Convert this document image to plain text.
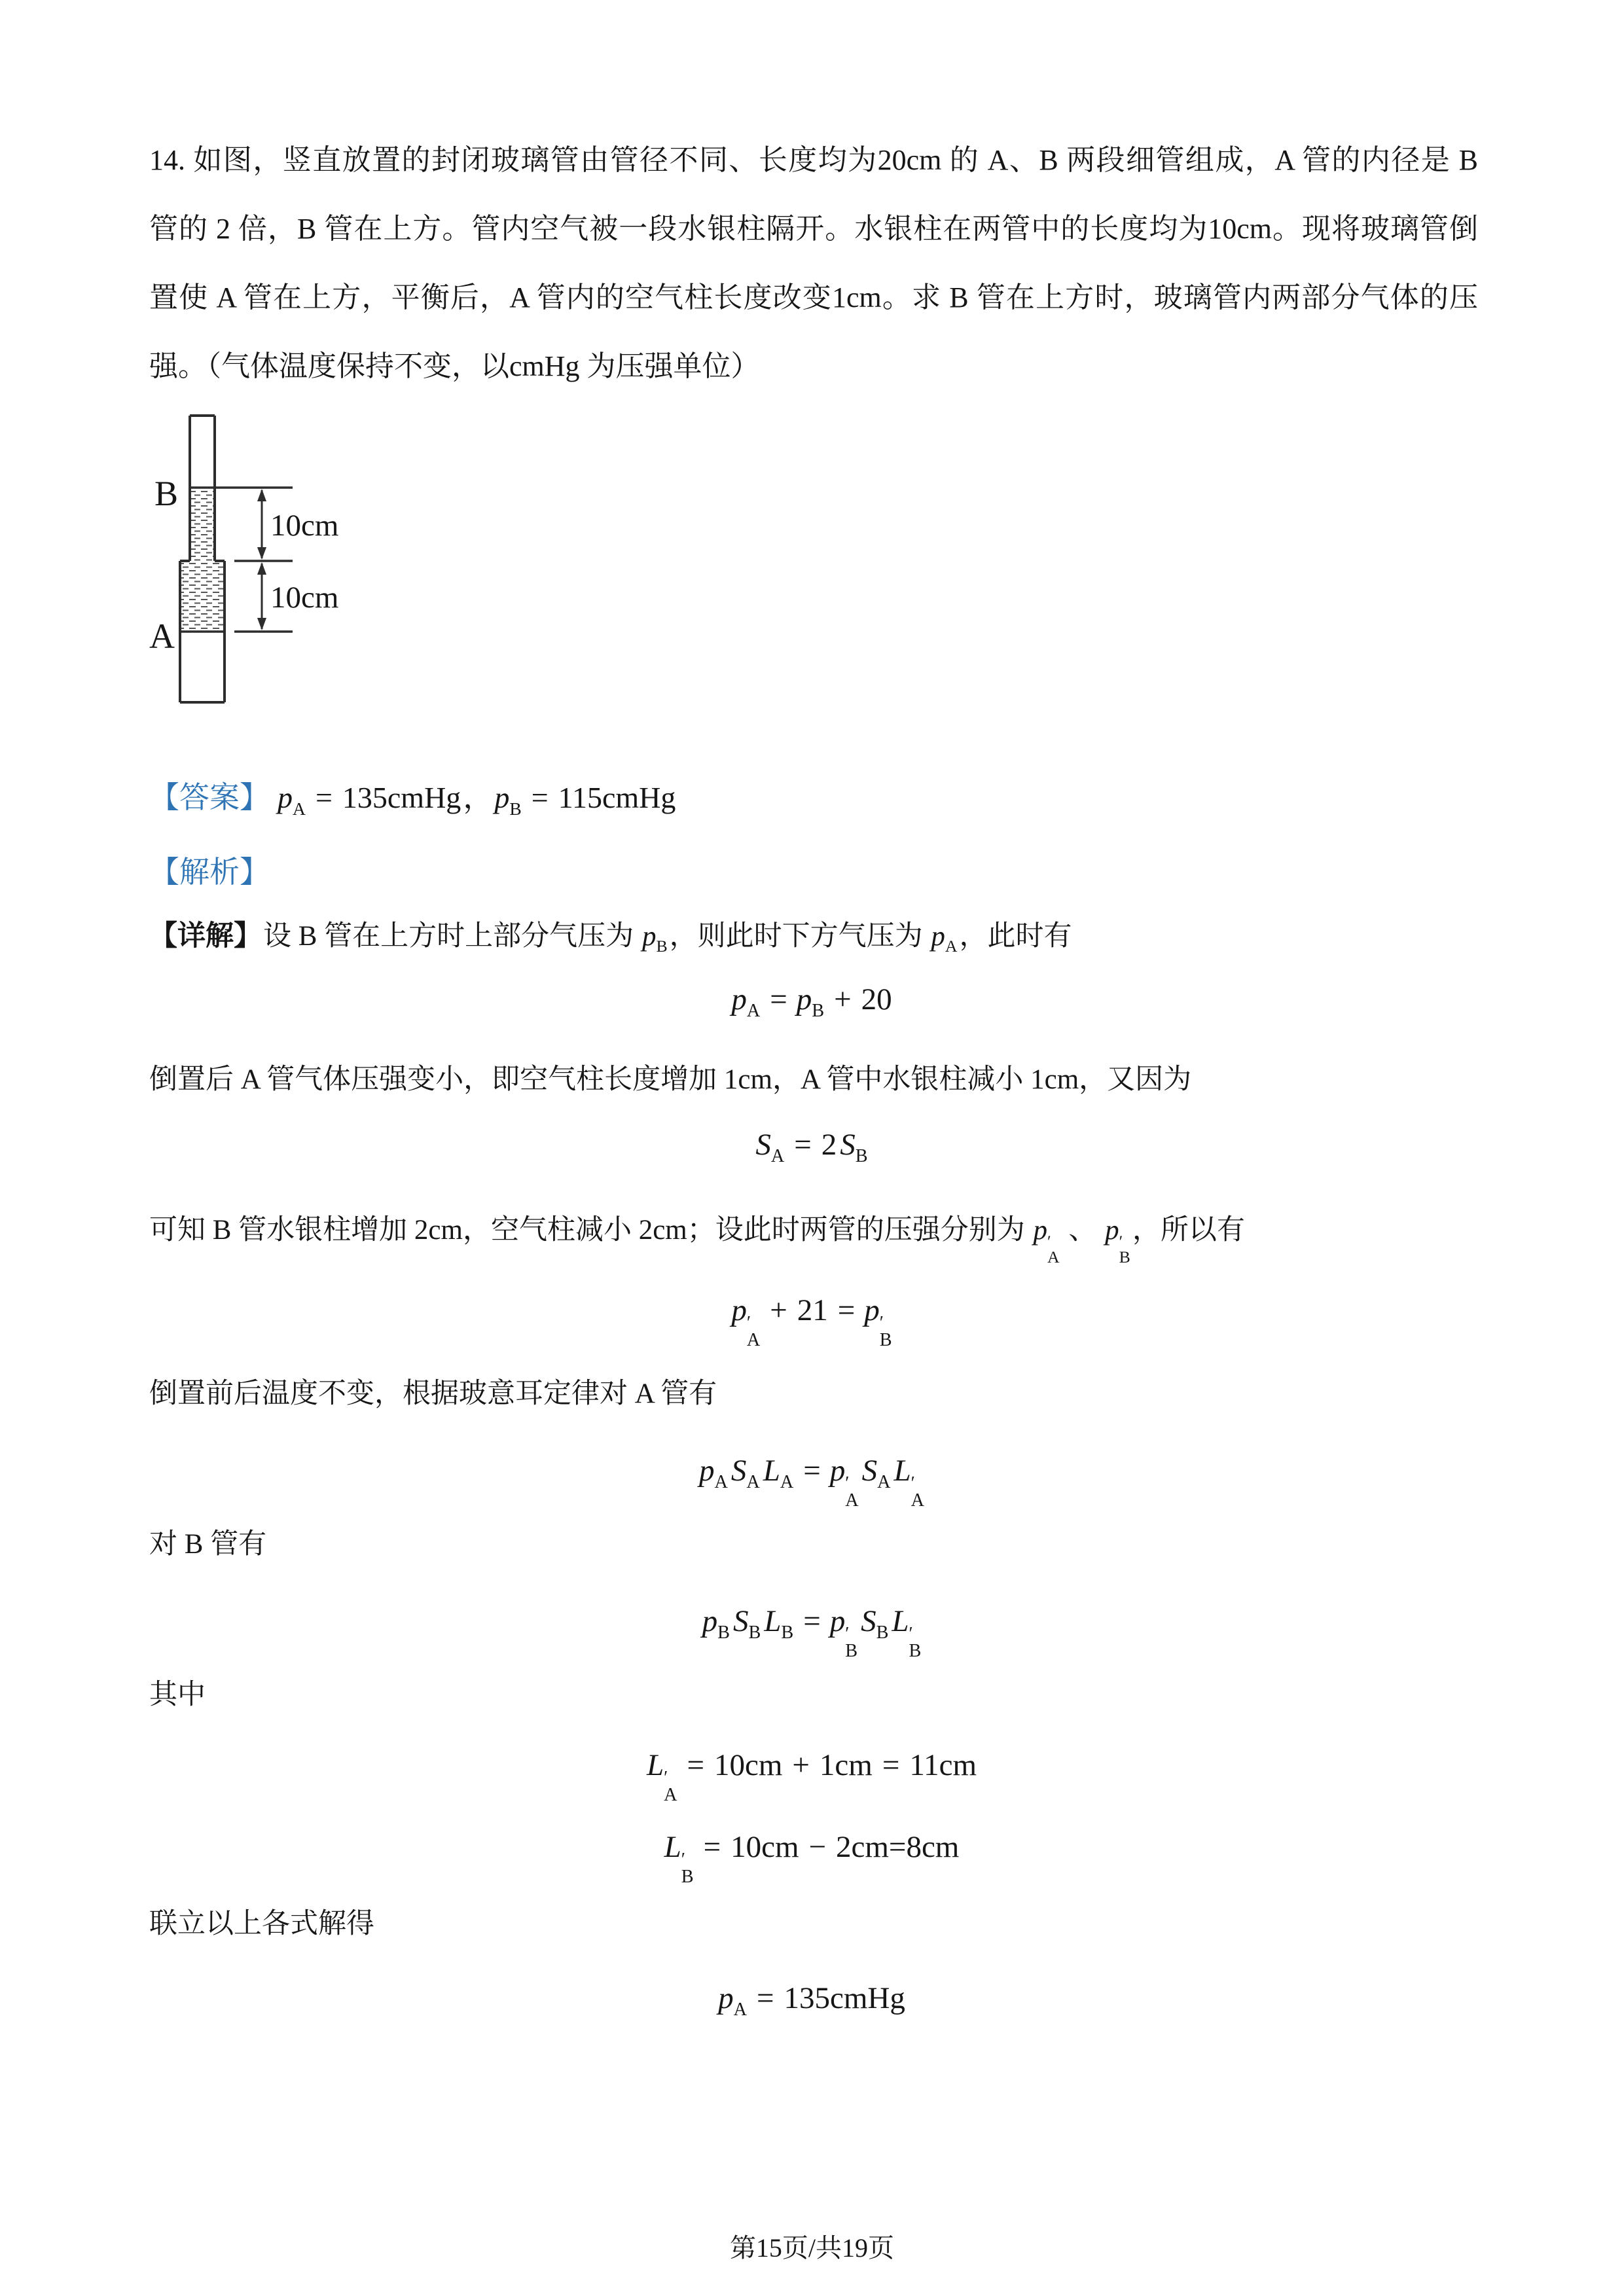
14. 如图，竖直放置的封闭玻璃管由管径不同、长度均为20cm 的 A、B 两段细管组成，A 管的内径是 B
管的 2 倍，B 管在上方。管内空气被一段水银柱隔开。水银柱在两管中的长度均为10cm。现将玻璃管倒
置使 A 管在上方，平衡后，A 管内的空气柱长度改变1cm。求 B 管在上方时，玻璃管内两部分气体的压
强。（气体温度保持不变，以cmHg 为压强单位）
B
A
10cm
10cm
【答案】 $p_A$ = 135cmHg，$p_B$ = 115cmHg
【解析】
【详解】设 B 管在上方时上部分气压为 $p_B$，则此时下方气压为 $p_A$，此时有
$p_A = p_B + 20$
倒置后 A 管气体压强变小，即空气柱长度增加 1cm，A 管中水银柱减小 1cm，又因为
$S_A = 2$ $S_B$
可知 B 管水银柱增加 2cm，空气柱减小 2cm；设此时两管的压强分别为 p ′
A
、 p ′
B
，所以有
p ′
A
+ 21 = p ′
B
倒置前后温度不变，根据玻意耳定律对 A 管有
$p_A$ $S_A$ $L_A = p$ ′
A
$S_A$ L ′
A
对 B 管有
$p_B$ $S_B$ $L_B = p$ ′
B
$S_B$ L ′
B
其中
L ′
A
= 10cm + 1cm = 11cm
L ′
B
= 10cm − 2cm=8cm
联立以上各式解得
$p_A$ = 135cmHg
第15页/共19页
